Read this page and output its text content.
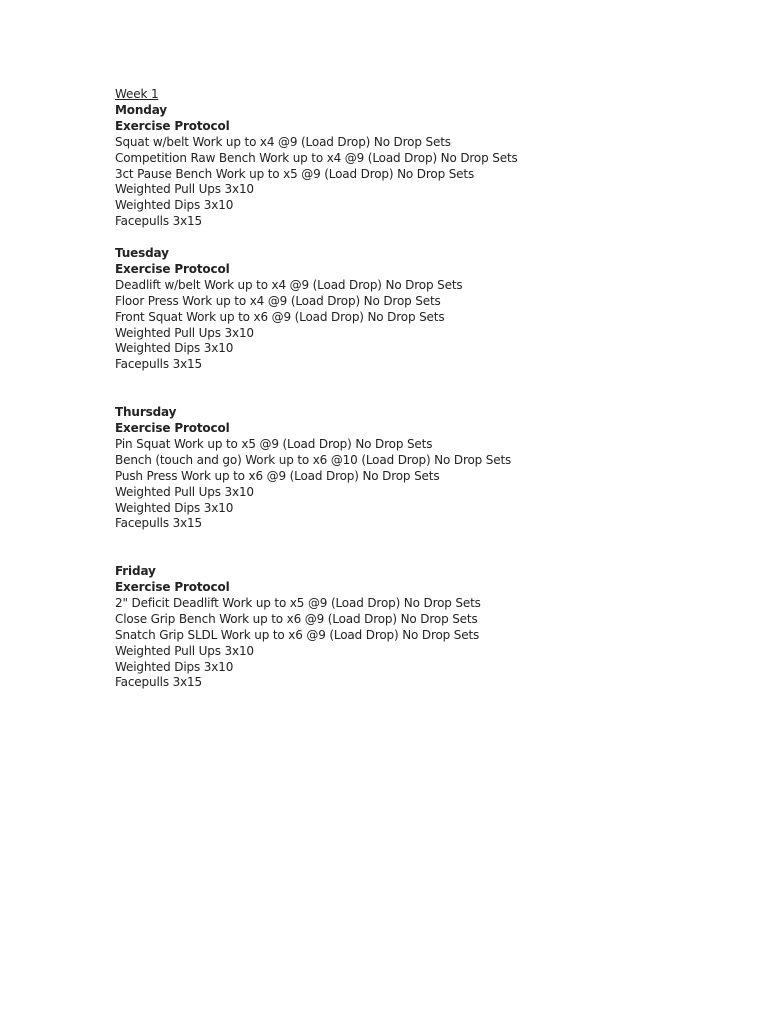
Week 1
Monday
Exercise Protocol
Squat w/belt Work up to x4 @9 (Load Drop) No Drop Sets
Competition Raw Bench Work up to x4 @9 (Load Drop) No Drop Sets
3ct Pause Bench Work up to x5 @9 (Load Drop) No Drop Sets
Weighted Pull Ups 3x10
Weighted Dips 3x10
Facepulls 3x15
Tuesday
Exercise Protocol
Deadlift w/belt Work up to x4 @9 (Load Drop) No Drop Sets
Floor Press Work up to x4 @9 (Load Drop) No Drop Sets
Front Squat Work up to x6 @9 (Load Drop) No Drop Sets
Weighted Pull Ups 3x10
Weighted Dips 3x10
Facepulls 3x15
Thursday
Exercise Protocol
Pin Squat Work up to x5 @9 (Load Drop) No Drop Sets
Bench (touch and go) Work up to x6 @10 (Load Drop) No Drop Sets
Push Press Work up to x6 @9 (Load Drop) No Drop Sets
Weighted Pull Ups 3x10
Weighted Dips 3x10
Facepulls 3x15
Friday
Exercise Protocol
2" Deficit Deadlift Work up to x5 @9 (Load Drop) No Drop Sets
Close Grip Bench Work up to x6 @9 (Load Drop) No Drop Sets
Snatch Grip SLDL Work up to x6 @9 (Load Drop) No Drop Sets
Weighted Pull Ups 3x10
Weighted Dips 3x10
Facepulls 3x15
